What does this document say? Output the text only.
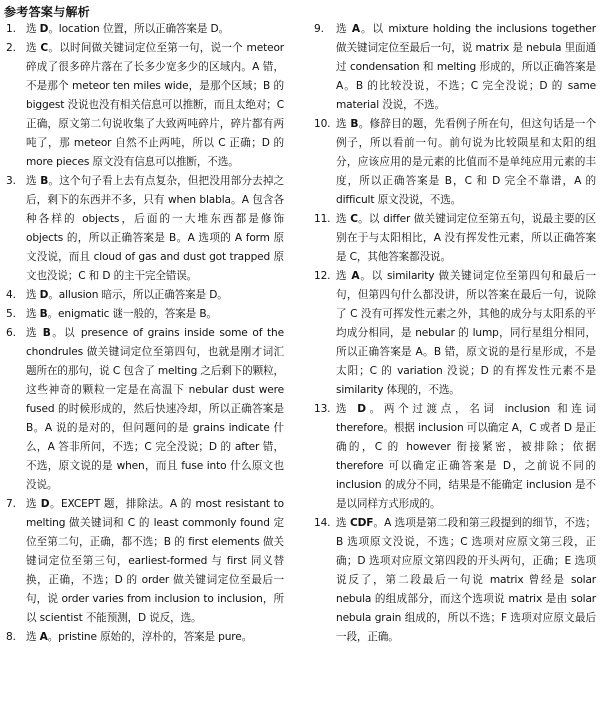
参考答案与解析

1. 选 D。location 位置，所以正确答案是 D。

2. 选 C。以时间做关键词定位至第一句，说一个 meteor 碎成了很多碎片落在了长多少宽多少的区域内。A 错，不是那个 meteor ten miles wide，是那个区域；B 的 biggest 没说也没有相关信息可以推断，而且太绝对；C 正确，原文第二句说收集了大致两吨碎片，碎片都有两吨了，那 meteor 自然不止两吨，所以 C 正确；D 的 more pieces 原文没有信息可以推断，不选。

3. 选 B。这个句子看上去有点复杂，但把没用部分去掉之后，剩下的东西并不多，只有 when blabla。A 包含各种各样的 objects，后面的一大堆东西都是修饰 objects 的，所以正确答案是 B。A 选项的 A form 原文没说，而且 cloud of gas and dust got trapped 原文也没说；C 和 D 的主干完全错误。

4. 选 D。allusion 暗示，所以正确答案是 D。

5. 选 B。enigmatic 谜一般的，答案是 B。

6. 选 B。以 presence of grains inside some of the chondrules 做关键词定位至第四句，也就是刚才词汇题所在的那句，说 C 包含了 melting 之后剩下的颗粒，这些神奇的颗粒一定是在高温下 nebular dust were fused 的时候形成的，然后快速冷却，所以正确答案是 B。A 说的是对的，但问题问的是 grains indicate 什么，A 答非所问，不选；C 完全没说；D 的 after 错，不选，原文说的是 when，而且 fuse into 什么原文也没说。

7. 选 D。EXCEPT 题，排除法。A 的 most resistant to melting 做关键词和 C 的 least commonly found 定位至第二句，正确，都不选；B 的 first elements 做关键词定位至第三句，earliest-formed 与 first 同义替换，正确，不选；D 的 order 做关键词定位至最后一句，说 order varies from inclusion to inclusion，所以 scientist 不能预测，D 说反，选。

8. 选 A。pristine 原始的，淳朴的，答案是 pure。

9. 选 A。以 mixture holding the inclusions together 做关键词定位至最后一句，说 matrix 是 nebula 里面通过 condensation 和 melting 形成的，所以正确答案是 A。B 的比较没说，不选；C 完全没说；D 的 same material 没说，不选。

10. 选 B。修辞目的题，先看例子所在句，但这句话是一个例子，所以看前一句。前句说为比较陨星和太阳的组分，应该应用的是元素的比值而不是单纯应用元素的丰度，所以正确答案是 B，C 和 D 完全不靠谱，A 的 difficult 原文没说，不选。

11. 选 C。以 differ 做关键词定位至第五句，说最主要的区别在于与太阳相比，A 没有挥发性元素，所以正确答案是 C，其他答案都没说。

12. 选 A。以 similarity 做关键词定位至第四句和最后一句，但第四句什么都没讲，所以答案在最后一句，说除了 C 没有可挥发性元素之外，其他的成分与太阳系的平均成分相同，是 nebular 的 lump，同行星组分相同，所以正确答案是 A。B 错，原文说的是行星形成，不是太阳；C 的 variation 没说；D 的有挥发性元素不是 similarity 体现的，不选。

13. 选 D。两个过渡点，名词 inclusion 和连词 therefore。根据 inclusion 可以确定 A，C 或者 D 是正确的，C 的 however 衔接紧密，被排除；依据 therefore 可以确定正确答案是 D，之前说不同的 inclusion 的成分不同，结果是不能确定 inclusion 是不是以同样方式形成的。

14. 选 CDF。A 选项是第二段和第三段提到的细节，不选；B 选项原文没说，不选；C 选项对应原文第三段，正确；D 选项对应原文第四段的开头两句，正确；E 选项说反了，第二段最后一句说 matrix 曾经是 solar nebula 的组成部分，而这个选项说 matrix 是由 solar nebula grain 组成的，所以不选；F 选项对应原文最后一段，正确。
